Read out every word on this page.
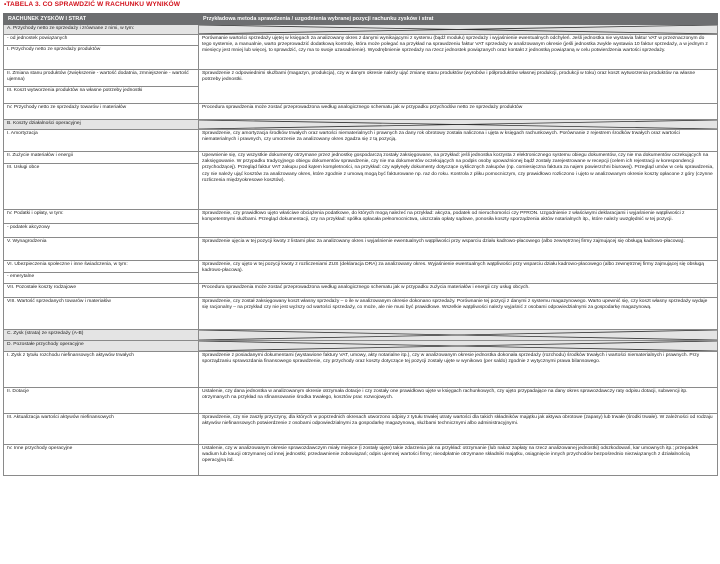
•TABELA 3. CO SPRAWDZIĆ W RACHUNKU WYNIKÓW
RACHUNEK ZYSKÓW I STRAT	Przykładowa metoda sprawdzenia / uzgodnienia wybranej pozycji rachunku zysków i strat
A. Przychody netto ze sprzedaży i zrównane z nimi, w tym:	

- od jednostek powiązanych	Porównanie wartości sprzedaży ujętej w księgach za analizowany okres z danymi wynikającymi z systemu (bądź modułu) sprzedaży i wyjaśnienie ewentualnych odchyleń. Jeśli jednostka nie wystawia faktur VAT w przeznaczonym do tego systemie, a manualnie, warto przeprowadzić dodatkową kontrolę, która może polegać na przykład na sprawdzeniu faktur VAT sprzedaży w analizowanym okresie (jeśli jednostka zwykle wystawia 10 faktur sprzedaży, a w jednym z miesięcy jest mniej lub więcej, to sprawdzić, czy ma to swoje uzasadnienie). Wyodrębnienie sprzedaży na rzecz jednostek powiązanych oraz kontakt z jednostką powiązaną w celu potwierdzenia wartości sprzedaży.
I. Przychody netto ze sprzedaży produktów	
II. Zmiana stanu produktów (zwiększenie - wartość dodatnia, zmniejszenie - wartość ujemna)	Sprawdzenie z odpowiednimi służbami (magazyn, produkcja), czy w danym okresie należy ująć zmianę stanu produktów (wyrobów i półproduktów własnej produkcji, produkcji w toku) oraz koszt wytworzenia produktów na własne potrzeby jednostki.
III. Koszt wytworzenia produktów na własne potrzeby jednostki	
IV. Przychody netto ze sprzedaży towarów i materiałów	Procedura sprawdzenia może zostać przeprowadzona według analogicznego schematu jak w przypadku przychodów netto ze sprzedaży produktów
B. Koszty działalności operacyjnej	

I. Amortyzacja	Sprawdzenie, czy amortyzacja środków trwałych oraz wartości niematerialnych i prawnych za dany rok obrotowy została naliczona i ujęta w księgach rachunkowych. Porównanie z rejestrem środków trwałych oraz wartości niematerialnych i prawnych, czy umorzenie za analizowany okres zgadza się z tą pozycją.
II. Zużycie materiałów i energii	Upewnienie się, czy wszystkie dokumenty otrzymane przez jednostkę gospodarczą zostały zaksięgowane, na przykład: jeśli jednostka korzysta z elektronicznego systemu obiegu dokumentów, czy nie ma dokumentów oczekujących na zaksięgowanie. W przypadku tradycyjnego obiegu dokumentów sprawdzenie, czy nie ma dokumentów oczekujących na podpis osoby upoważnionej bądź zostały zarejestrowane w recepcji (celem ich rejestracji w korespondencji przychodzącej). Przegląd faktur VAT zakupu pod kątem kompletności, na przykład: czy wpłynęły dokumenty dotyczące cyklicznych zakupów (np. comiesięczna faktura za najem powierzchni biurowej). Przegląd umów w celu sprawdzenia, czy nie należy ująć kosztów za analizowany okres, które zgodnie z umową mogą być fakturowane np. raz do roku. Kontrola z pliku pomocniczym, czy prawidłowo rozliczono i ujęto w analizowanym okresie koszty opłacone z góry (czynne rozliczenia międzyokresowe kosztów).
III. Usługi obce	
IV. Podatki i opłaty, w tym:	Sprawdzenie, czy prawidłowo ujęto właściwe obciążenia podatkowe, do których mogą należeć na przykład: akcyza, podatek od nieruchomości czy PFRON. Uzgodnienie z właściwymi deklaracjami i wyjaśnienie wątpliwości z kompetentnymi służbami. Przegląd dokumentacji, czy na przykład: spółka opłacała pełnomocnictwa, uiszczała opłaty sądowe, ponosiła koszty sporządzenia aktów notarialnych itp., które należy uwzględnić w tej pozycji.
- podatek akcyzowy	
V. Wynagrodzenia	Sprawdzenie ujęcia w tej pozycji kwoty z listami płac za analizowany okres i wyjaśnienie ewentualnych wątpliwości przy wsparciu działu kadrowo-płacowego (albo zewnętrznej firmy zajmującej się obsługą kadrowo-płacową).
VI. Ubezpieczenia społeczne i inne świadczenia, w tym:	Sprawdzenie, czy ujęto w tej pozycji kwoty z rozliczeniami ZUS (deklaracja DRA) za analizowany okres. Wyjaśnienie ewentualnych wątpliwości przy wsparciu działu kadrowo-płacowego (albo zewnętrznej firmy zajmującej się obsługą kadrowo-płacową).
- emerytalne	
VII. Pozostałe koszty rodzajowe	Procedura sprawdzenia może zostać przeprowadzona według analogicznego schematu jak w przypadku zużycia materiałów i energii czy usług obcych.
VIII. Wartość sprzedanych towarów i materiałów	Sprawdzenie, czy został zaksięgowany koszt własny sprzedaży – o ile w analizowanym okresie dokonano sprzedaży. Porównanie tej pozycji z danymi z systemu magazynowego. Warto upewnić się, czy koszt własny sprzedaży wydaje się racjonalny – na przykład czy nie jest wyższy od wartości sprzedaży, co może, ale nie musi być prawidłowe. Wszelkie wątpliwości należy wyjaśnić z osobami odpowiedzialnymi za gospodarkę magazynową.
C. Zysk (strata) ze sprzedaży (A-B)	

D. Pozostałe przychody operacyjne	

I. Zysk z tytułu rozchodu niefinansowych aktywów trwałych	Sprawdzenie z posiadanymi dokumentami (wystawione faktury VAT, umowy, akty notarialne itp.), czy w analizowanym okresie jednostka dokonała sprzedaży (rozchodu) środków trwałych i wartości niematerialnych i prawnych. Przy sporządzaniu sprawozdania finansowego sprawdzenie, czy przychody oraz koszty dotyczące tej pozycji zostały ujęte w wynikowo (per saldo) zgodnie z wytycznymi prawa bilansowego.
II. Dotacje	Ustalenie, czy dana jednostka w analizowanym okresie otrzymała dotacje i czy zostały one prawidłowo ujęte w księgach rachunkowych, czy ujęto przypadające na dany okres sprawozdawczy raty odpisu dotacji, subwencji itp. otrzymanych na przykład na sfinansowanie środka trwałego, kosztów prac rozwojowych.
III. Aktualizacja wartości aktywów niefinansowych	Sprawdzenie, czy nie zaszły przyczyny, dla których w poprzednich okresach utworzono odpisy z tytułu trwałej utraty wartości dla takich składników majątku jak aktywa obrotowe (zapasy) lub trwałe (środki trwałe). W zależności od rodzaju aktywów niefinansowych potwierdzenie z osobami odpowiedzialnymi za gospodarkę magazynową, służbami technicznymi albo administracyjnymi.
IV. Inne przychody operacyjne	Ustalenie, czy w analizowanym okresie sprawozdawczym miały miejsce (i zostały ujęte) takie zdarzenia jak na przykład: otrzymanie (lub nakaz zapłaty na rzecz analizowanej jednostki) odszkodowań, kar umownych itp.; przepadek wadium lub kaucji otrzymanej od innej jednostki; przedawnienie zobowiązań; odpis ujemnej wartości firmy; nieodpłatnie otrzymane składniki majątku, osiągnięcie innych przychodów bezpośrednio niezwiązanych z działalnością operacyjną itd.
